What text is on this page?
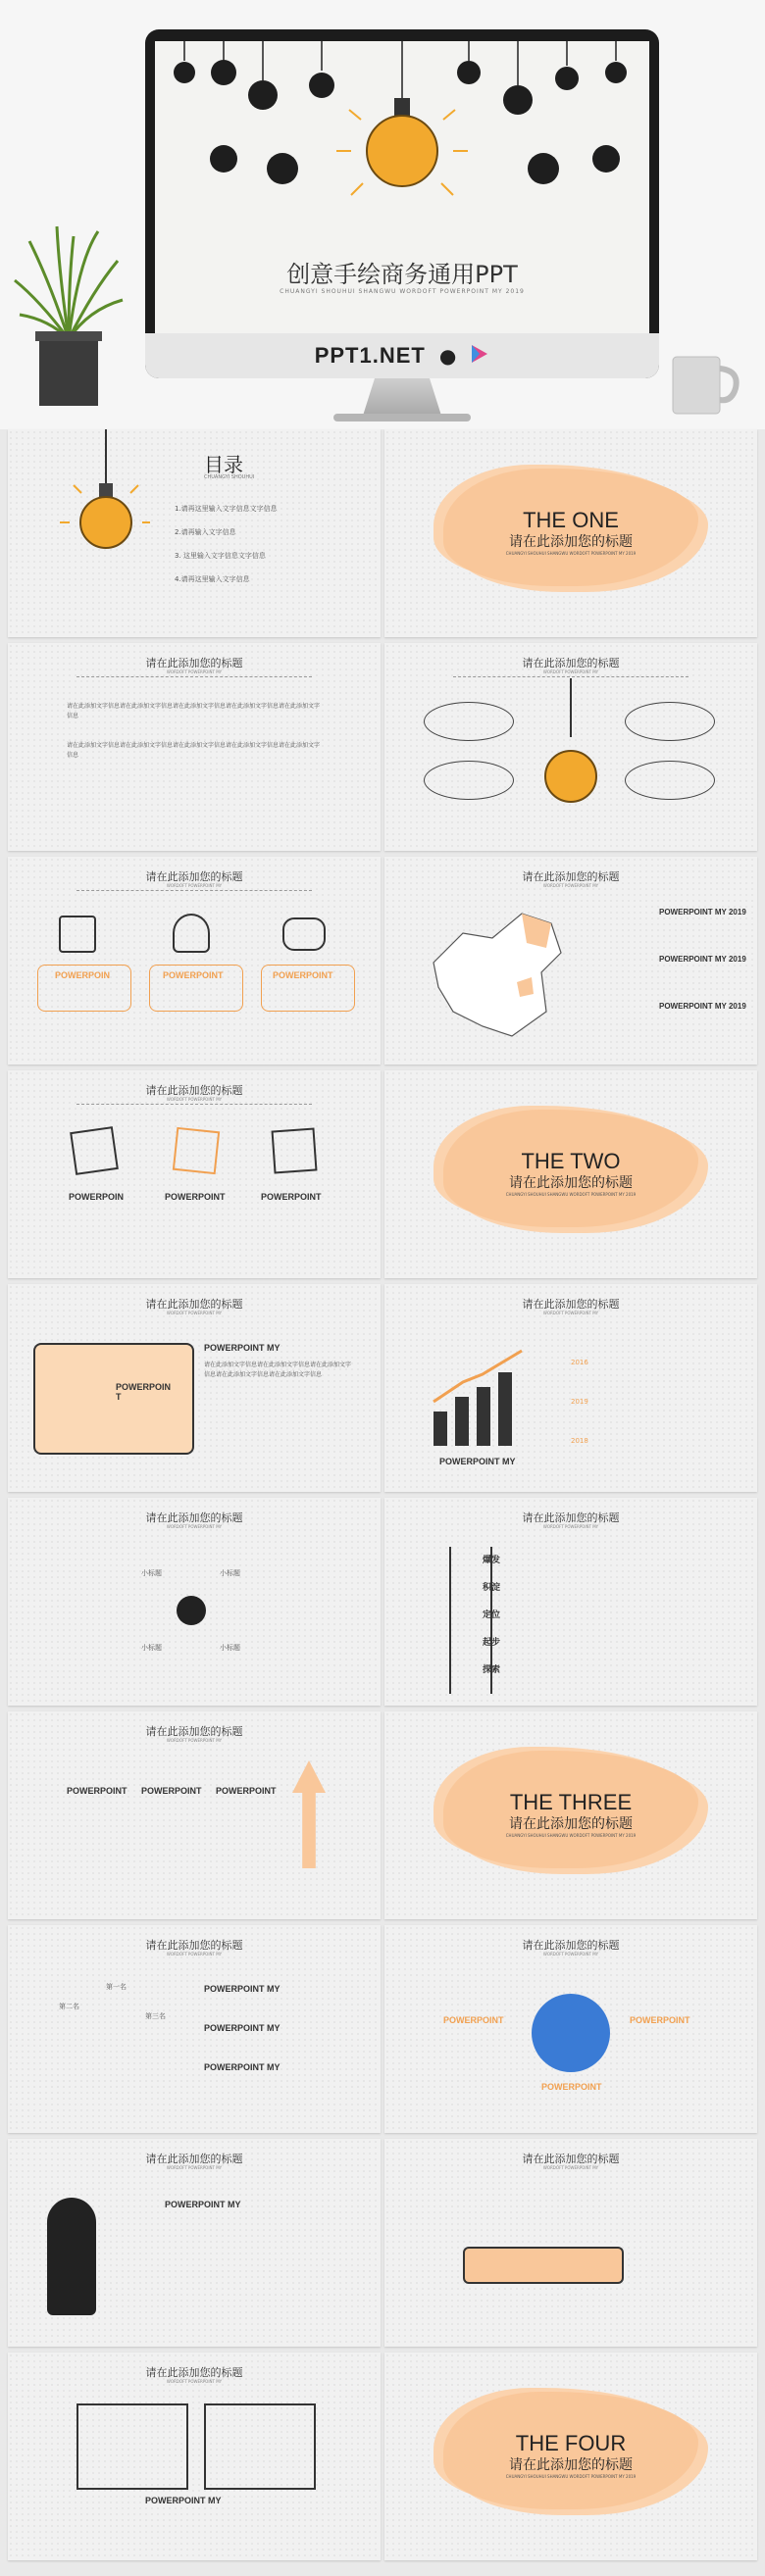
创意手绘商务通用PPT
CHUANGYI SHOUHUI SHANGWU WORDOFT POWERPOINT MY 2019
PPT1.NET ●
目录
CHUANGYI SHOUHUI
1.请再这里输入文字信息文字信息
2.请再输入文字信息
3. 这里输入文字信息文字信息
4.请再这里输入文字信息
THE ONE
请在此添加您的标题
CHUANGYI SHOUHUI SHANGWU WORDOFT POWERPOINT MY 2019
请在此添加您的标题
WORDOFT POWERPOINT MY
请在此添加文字信息请在此添加文字信息请在此添加文字信息请在此添加文字信息请在此添加文字信息
请在此添加文字信息请在此添加文字信息请在此添加文字信息请在此添加文字信息请在此添加文字信息
请在此添加您的标题
WORDOFT POWERPOINT MY
请在此添加您的标题
WORDOFT POWERPOINT MY
POWERPOIN	POWERPOINT	POWERPOINT
请在此添加您的标题
WORDOFT POWERPOINT MY
POWERPOINT MY 2019
POWERPOINT MY 2019
POWERPOINT MY 2019
请在此添加您的标题
WORDOFT POWERPOINT MY
POWERPOIN	POWERPOINT	POWERPOINT
THE TWO
请在此添加您的标题
CHUANGYI SHOUHUI SHANGWU WORDOFT POWERPOINT MY 2019
请在此添加您的标题
WORDOFT POWERPOINT MY
POWERPOIN T
POWERPOINT MY
请在此添加文字信息请在此添加文字信息请在此添加文字信息请在此添加文字信息请在此添加文字信息
请在此添加您的标题
WORDOFT POWERPOINT MY
POWERPOINT MY
2016
2019
2018
请在此添加您的标题
WORDOFT POWERPOINT MY
小标题	小标题
小标题	小标题
请在此添加您的标题
WORDOFT POWERPOINT MY
爆发
积淀
定位
起步
探索
请在此添加您的标题
WORDOFT POWERPOINT MY
POWERPOINT POWERPOINT POWERPOINT	THE THREE
请在此添加您的标题
CHUANGYI SHOUHUI SHANGWU WORDOFT POWERPOINT MY 2019
请在此添加您的标题
WORDOFT POWERPOINT MY
第一名
第二名
第三名
POWERPOINT MY
POWERPOINT MY
POWERPOINT MY
请在此添加您的标题
WORDOFT POWERPOINT MY
POWERPOINT	POWERPOINT
POWERPOINT
请在此添加您的标题
WORDOFT POWERPOINT MY
POWERPOINT MY
请在此添加您的标题
WORDOFT POWERPOINT MY
请在此添加您的标题
WORDOFT POWERPOINT MY
POWERPOINT MY
THE FOUR
请在此添加您的标题
CHUANGYI SHOUHUI SHANGWU WORDOFT POWERPOINT MY 2019
